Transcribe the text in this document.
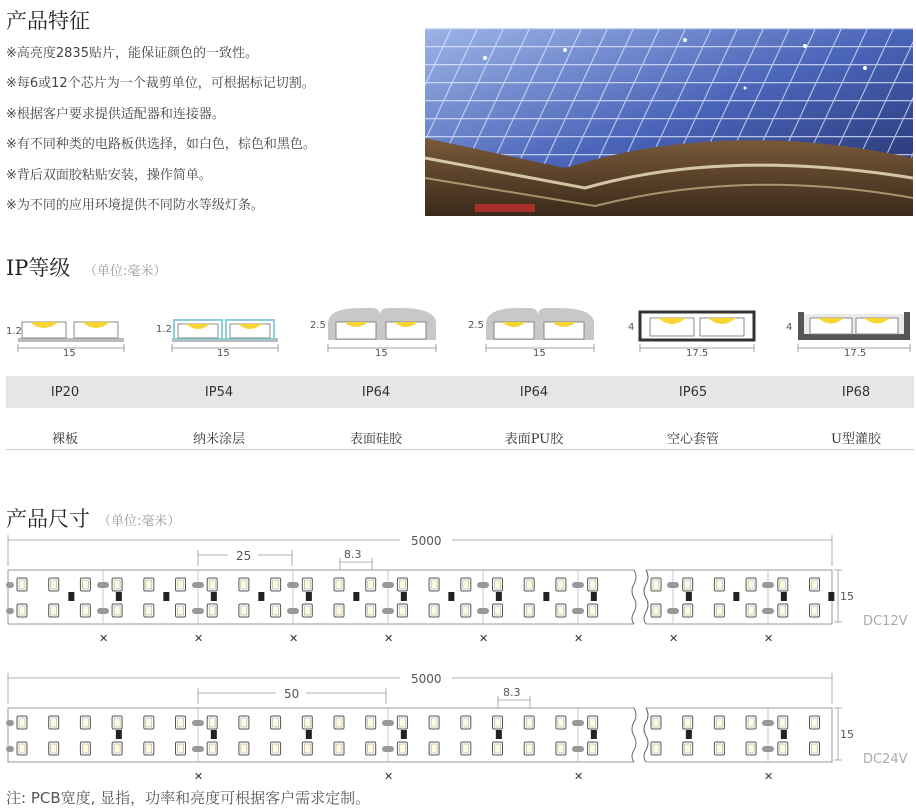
产品特征
※高亮度2835贴片，能保证颜色的一致性。
※每6或12个芯片为一个裁剪单位，可根据标记切割。
※根据客户要求提供适配器和连接器。
※有不同种类的电路板供选择，如白色，棕色和黑色。
※背后双面胶粘贴安装，操作简单。
※为不同的应用环境提供不同防水等级灯条。
IP等级 （单位:毫米）
1.2
15
1.2
15
2.5
15
2.5
15
4
17.5
4
17.5
IP20	IP54	IP64	IP64	IP65	IP68
裸板	纳米涂层	表面硅胶	表面PU胶	空心套管	U型灌胶
产品尺寸 （单位:毫米）
✕	✕	✕	✕	✕	✕	✕	✕
5000
25	8.3
15
DC12V
✕	✕	✕	✕
5000
50	8.3
15
DC24V
注: PCB宽度, 显指，功率和亮度可根据客户需求定制。
